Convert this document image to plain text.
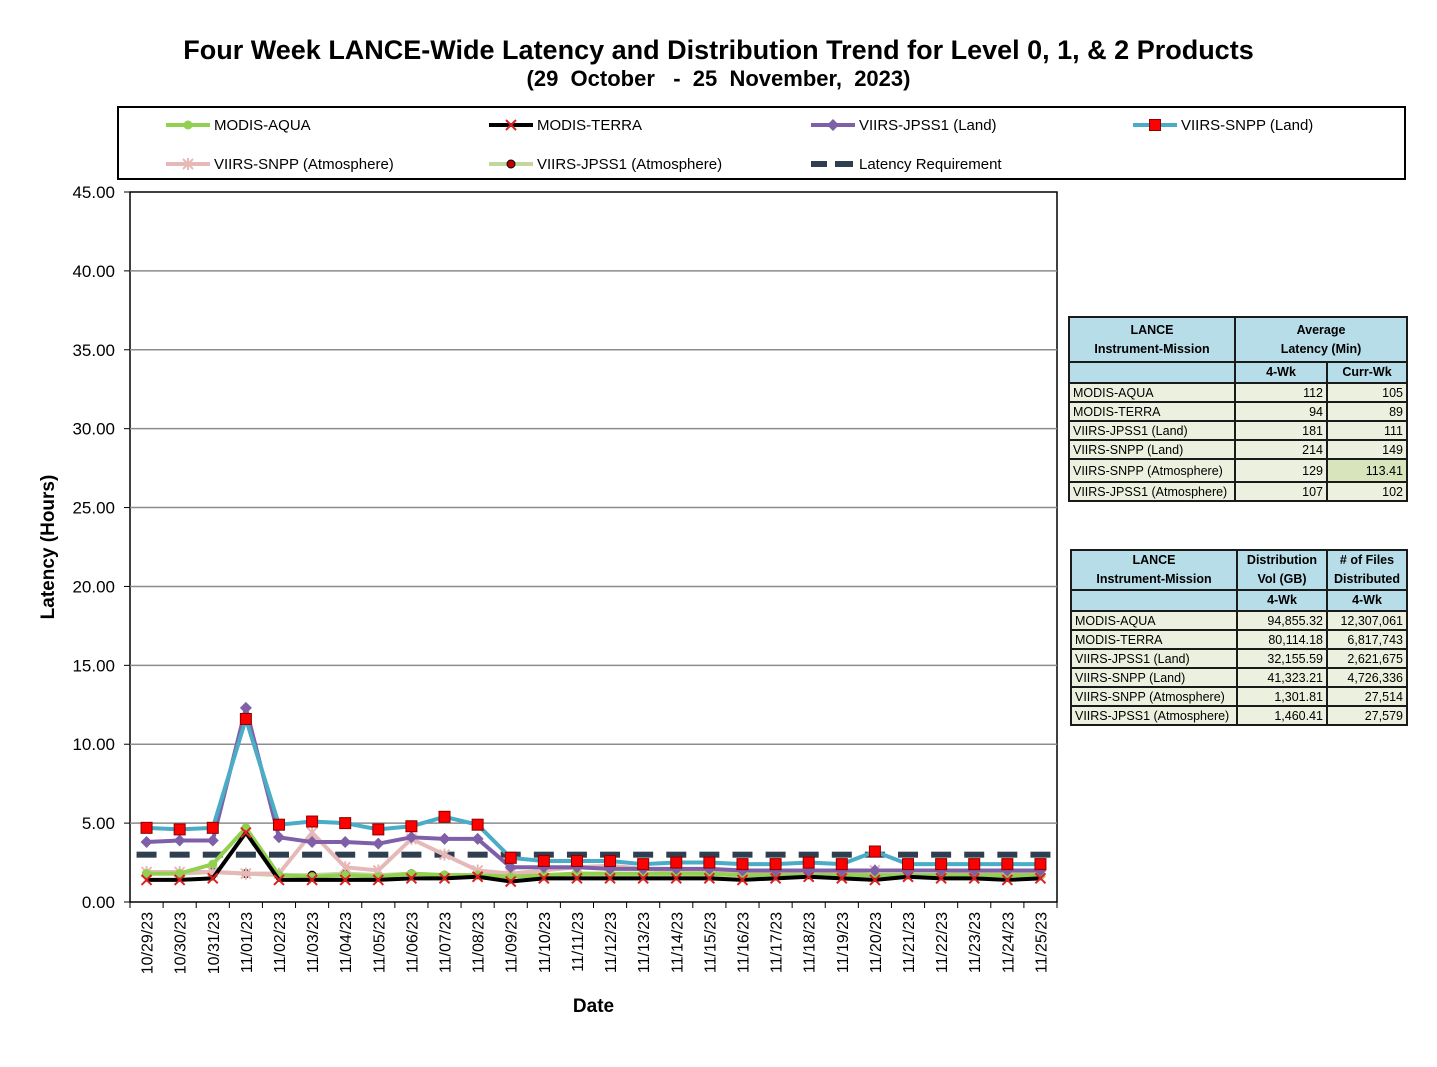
Four Week LANCE-Wide Latency and Distribution Trend for Level 0, 1, & 2 Products
(29  October   -  25  November,  2023)
MODIS-AQUA	MODIS-TERRA	VIIRS-JPSS1 (Land)	VIIRS-SNPP (Land)
VIIRS-SNPP (Atmosphere)	VIIRS-JPSS1 (Atmosphere)	Latency Requirement
0.00
5.00
10.00
15.00
20.00
25.00
30.00
35.00
40.00
45.00
10/29/23 10/30/23 10/31/23 11/01/23 11/02/23 11/03/23 11/04/23 11/05/23 11/06/23 11/07/23 11/08/23 11/09/23 11/10/23 11/11/23 11/12/23 11/13/23 11/14/23 11/15/23 11/16/23 11/17/23 11/18/23 11/19/23 11/20/23 11/21/23 11/22/23 11/23/23 11/24/23 11/25/23
Date
Latency (Hours)
LANCE
Instrument-Mission	Average
Latency (Min)	
	4-Wk	Curr-Wk
MODIS-AQUA	112	105
MODIS-TERRA	94	89
VIIRS-JPSS1 (Land)	181	111
VIIRS-SNPP (Land)	214	149
VIIRS-SNPP (Atmosphere)	129	113.41
VIIRS-JPSS1 (Atmosphere)	107	102
LANCE
Instrument-Mission	Distribution
Vol (GB)	# of Files
Distributed
	4-Wk	4-Wk
MODIS-AQUA	94,855.32	12,307,061
MODIS-TERRA	80,114.18	6,817,743
VIIRS-JPSS1 (Land)	32,155.59	2,621,675
VIIRS-SNPP (Land)	41,323.21	4,726,336
VIIRS-SNPP (Atmosphere)	1,301.81	27,514
VIIRS-JPSS1 (Atmosphere)	1,460.41	27,579
